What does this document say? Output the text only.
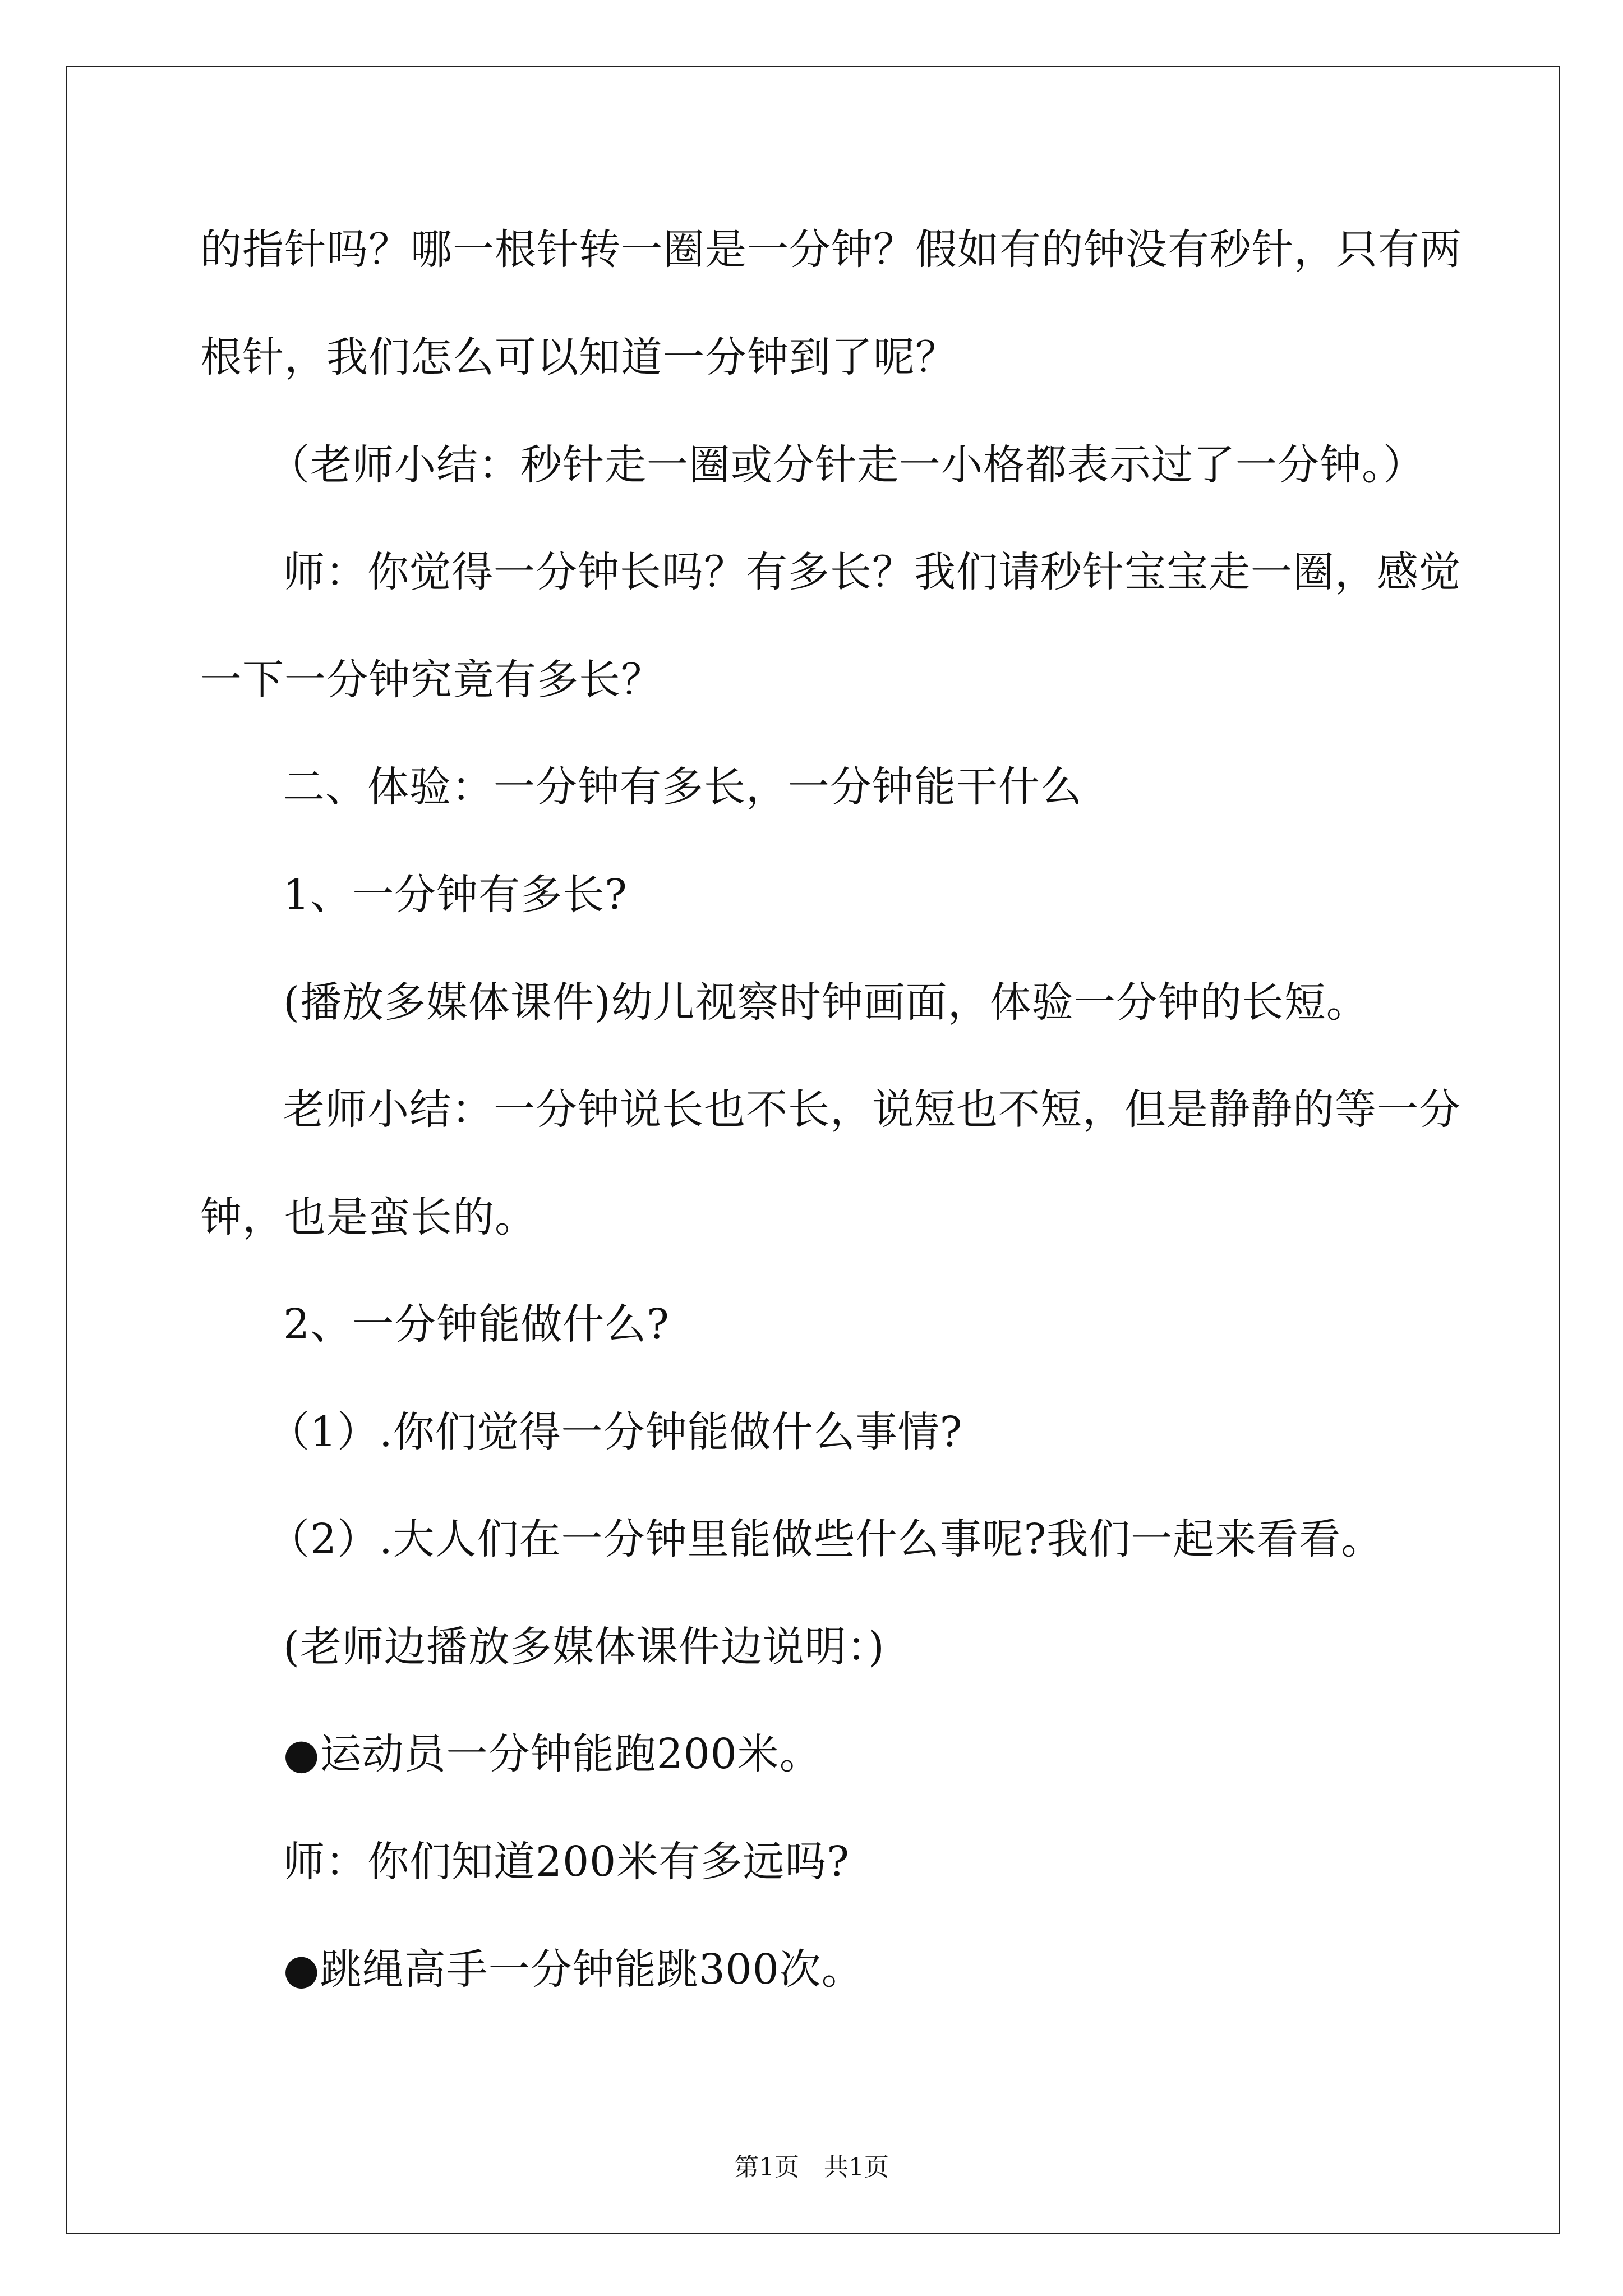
的指针吗？哪一根针转一圈是一分钟？假如有的钟没有秒针，只有两
根针，我们怎么可以知道一分钟到了呢？
（老师小结：秒针走一圈或分针走一小格都表示过了一分钟。）
师：你觉得一分钟长吗？有多长？我们请秒针宝宝走一圈，感觉
一下一分钟究竟有多长？
二、体验：一分钟有多长，一分钟能干什么
1、一分钟有多长?
(播放多媒体课件)幼儿视察时钟画面，体验一分钟的长短。
老师小结：一分钟说长也不长，说短也不短，但是静静的等一分
钟，也是蛮长的。
2、一分钟能做什么?
（1）.你们觉得一分钟能做什么事情?
（2）.大人们在一分钟里能做些什么事呢?我们一起来看看。
(老师边播放多媒体课件边说明：)
●运动员一分钟能跑200米。
师：你们知道200米有多远吗?
●跳绳高手一分钟能跳300次。
第1页　共1页
